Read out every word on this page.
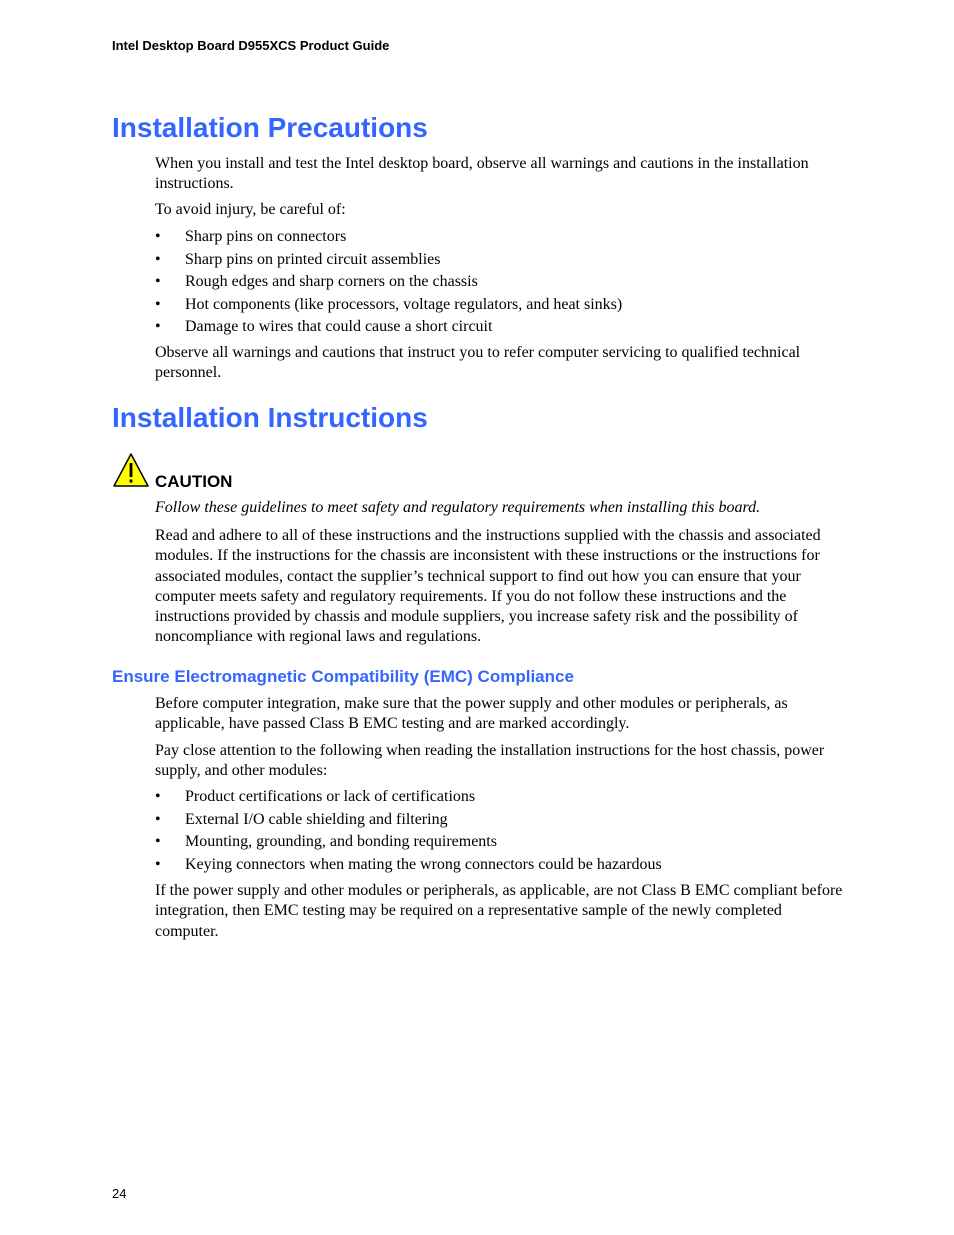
Intel Desktop Board D955XCS Product Guide
Installation Precautions

When you install and test the Intel desktop board, observe all warnings and cautions in the installation instructions.

To avoid injury, be careful of:

• Sharp pins on connectors
• Sharp pins on printed circuit assemblies
• Rough edges and sharp corners on the chassis
• Hot components (like processors, voltage regulators, and heat sinks)
• Damage to wires that could cause a short circuit

Observe all warnings and cautions that instruct you to refer computer servicing to qualified technical personnel.

Installation Instructions
CAUTION
Follow these guidelines to meet safety and regulatory requirements when installing this board.

Read and adhere to all of these instructions and the instructions supplied with the chassis and associated modules. If the instructions for the chassis are inconsistent with these instructions or the instructions for associated modules, contact the supplier’s technical support to find out how you can ensure that your computer meets safety and regulatory requirements. If you do not follow these instructions and the instructions provided by chassis and module suppliers, you increase safety risk and the possibility of noncompliance with regional laws and regulations.

Ensure Electromagnetic Compatibility (EMC) Compliance

Before computer integration, make sure that the power supply and other modules or peripherals, as applicable, have passed Class B EMC testing and are marked accordingly.

Pay close attention to the following when reading the installation instructions for the host chassis, power supply, and other modules:

• Product certifications or lack of certifications
• External I/O cable shielding and filtering
• Mounting, grounding, and bonding requirements
• Keying connectors when mating the wrong connectors could be hazardous

If the power supply and other modules or peripherals, as applicable, are not Class B EMC compliant before integration, then EMC testing may be required on a representative sample of the newly completed computer.

24
